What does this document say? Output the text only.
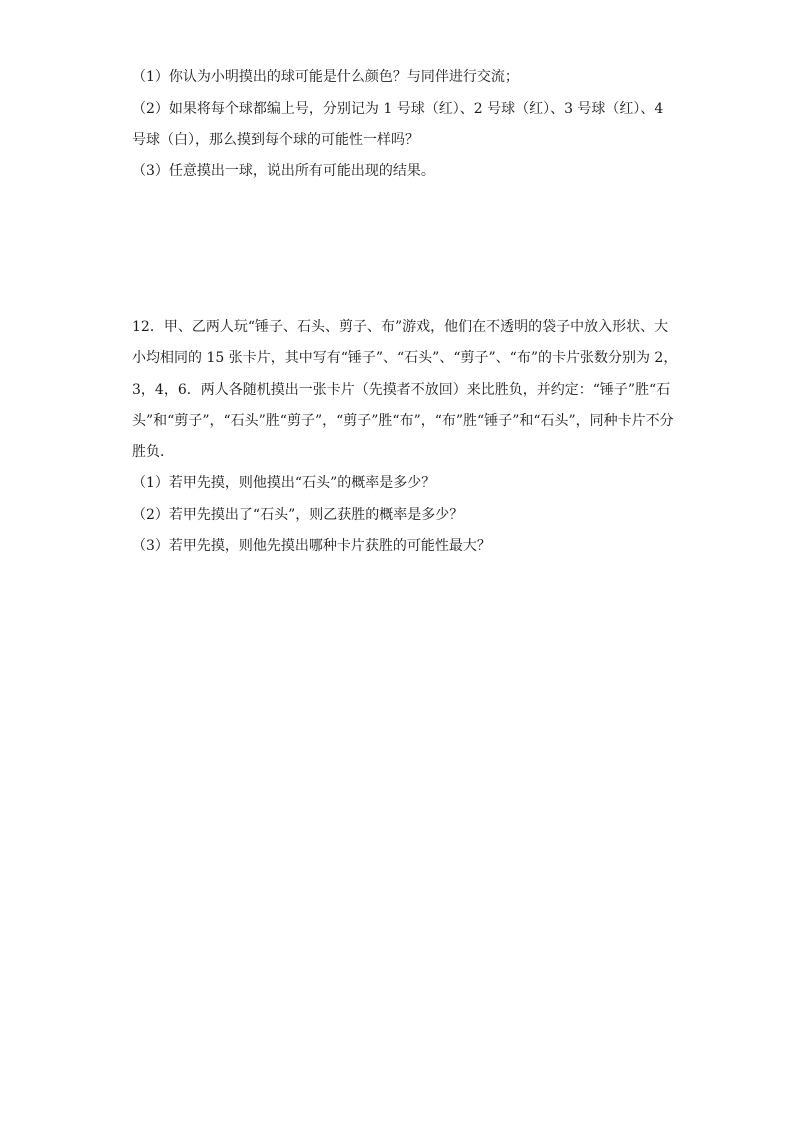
（1）你认为小明摸出的球可能是什么颜色？与同伴进行交流；
（2）如果将每个球都编上号，分别记为 1 号球（红）、2 号球（红）、3 号球（红）、4
号球（白），那么摸到每个球的可能性一样吗？
（3）任意摸出一球，说出所有可能出现的结果。
12．甲、乙两人玩“锤子、石头、剪子、布”游戏，他们在不透明的袋子中放入形状、大
小均相同的 15 张卡片，其中写有“锤子”、“石头”、“剪子”、“布”的卡片张数分别为 2，
3，4，6．两人各随机摸出一张卡片（先摸者不放回）来比胜负，并约定：“锤子”胜“石
头”和“剪子”，“石头”胜“剪子”，“剪子”胜“布”，“布”胜“锤子”和“石头”，同种卡片不分
胜负．
（1）若甲先摸，则他摸出“石头”的概率是多少？
（2）若甲先摸出了“石头”，则乙获胜的概率是多少？
（3）若甲先摸，则他先摸出哪种卡片获胜的可能性最大？
